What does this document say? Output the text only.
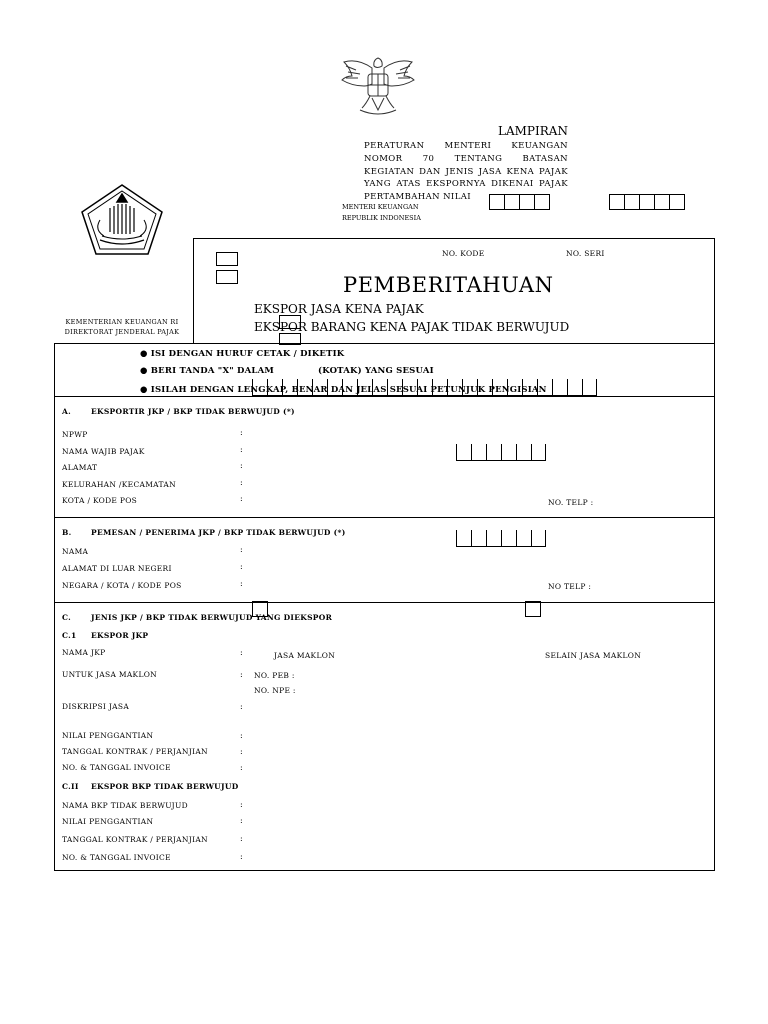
LAMPIRAN
PERATURAN MENTERI KEUANGAN NOMOR 70 TENTANG BATASAN KEGIATAN DAN JENIS JASA KENA PAJAK YANG ATAS EKSPORNYA DIKENAI PAJAK PERTAMBAHAN NILAI
MENTERI KEUANGAN
REPUBLIK INDONESIA
KEMENTERIAN KEUANGAN RI
DIREKTORAT JENDERAL PAJAK
NO. KODE	NO. SERI
PEMBERITAHUAN
EKSPOR JASA KENA PAJAK
EKSPOR BARANG KENA PAJAK TIDAK BERWUJUD
● ISI DENGAN HURUF CETAK / DIKETIK
● BERI TANDA "X" DALAM	(KOTAK) YANG SESUAI
● ISILAH DENGAN LENGKAP, BENAR DAN JELAS SESUAI PETUNJUK PENGISIAN
A.	EKSPORTIR JKP / BKP TIDAK BERWUJUD (*)
NPWP	:
NAMA WAJIB PAJAK	:
ALAMAT	:
KELURAHAN /KECAMATAN	:
KOTA / KODE POS	:	NO. TELP :
B.	PEMESAN / PENERIMA JKP / BKP TIDAK BERWUJUD (*)
NAMA	:
ALAMAT DI LUAR NEGERI	:
NEGARA / KOTA / KODE POS	:	NO TELP :
C.	JENIS JKP / BKP TIDAK BERWUJUD YANG DIEKSPOR
C.1 EKSPOR JKP
NAMA JKP	:	JASA MAKLON	SELAIN JASA MAKLON
UNTUK JASA MAKLON	: NO. PEB :
NO. NPE :
DISKRIPSI JASA	:
NILAI PENGGANTIAN	:
TANGGAL KONTRAK / PERJANJIAN	:
NO. & TANGGAL INVOICE	:
C.II EKSPOR BKP TIDAK BERWUJUD
NAMA BKP TIDAK BERWUJUD	:
NILAI PENGGANTIAN	:
TANGGAL KONTRAK / PERJANJIAN	:
NO. & TANGGAL INVOICE	:
